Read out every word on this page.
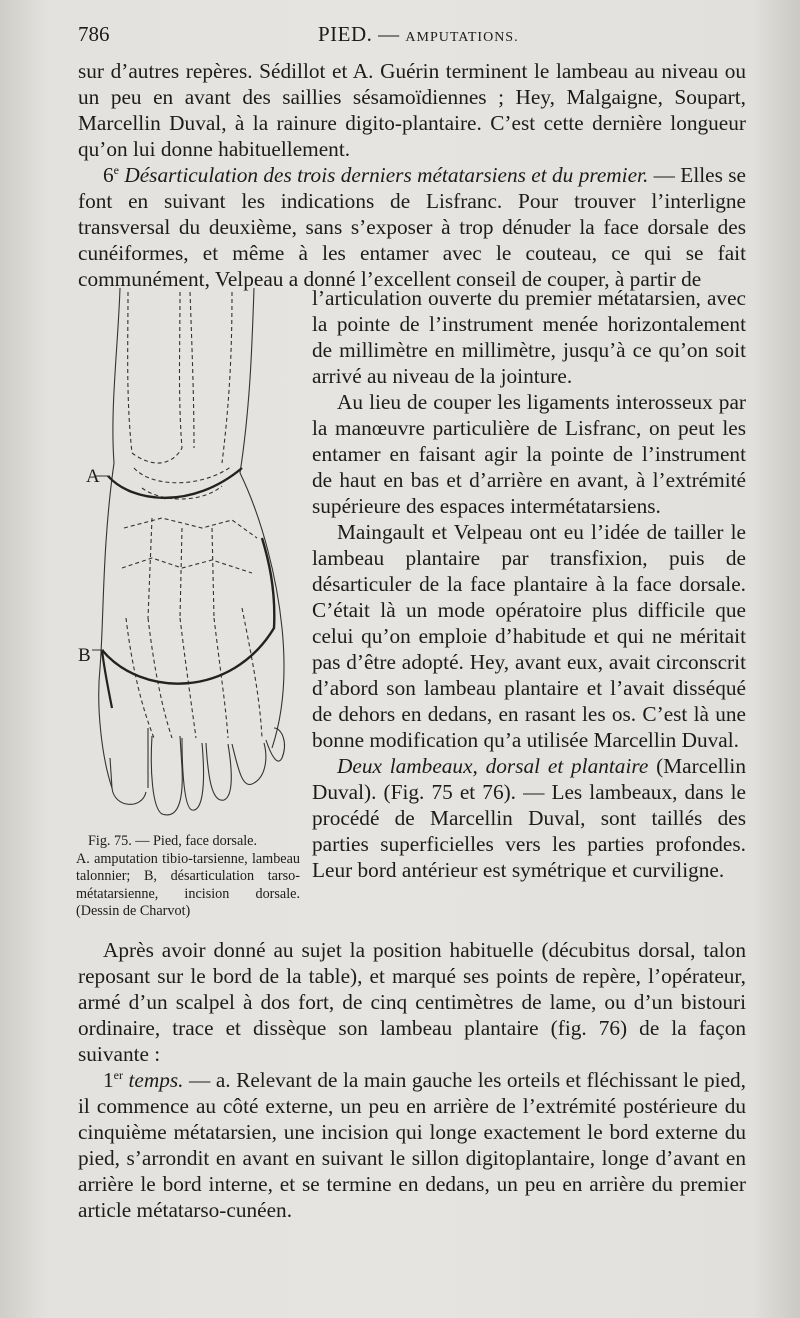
786	PIED. — AMPUTATIONS.

sur d’autres repères. Sédillot et A. Guérin terminent le lambeau au niveau ou un peu en avant des saillies sésamoïdiennes ; Hey, Malgaigne, Soupart, Marcellin Duval, à la rainure digito-plantaire. C’est cette dernière longueur qu’on lui donne habituellement.

6e Désarticulation des trois derniers métatarsiens et du premier. — Elles se font en suivant les indications de Lisfranc. Pour trouver l’interligne transversal du deuxième, sans s’exposer à trop dénuder la face dorsale des cunéiformes, et même à les entamer avec le couteau, ce qui se fait communément, Velpeau a donné l’excellent conseil de couper, à partir de

l’articulation ouverte du premier métatarsien, avec la pointe de l’instrument menée horizontalement de millimètre en millimètre, jusqu’à ce qu’on soit arrivé au niveau de la jointure.

Au lieu de couper les ligaments interosseux par la manœuvre particulière de Lisfranc, on peut les entamer en faisant agir la pointe de l’instrument de haut en bas et d’arrière en avant, à l’extrémité supérieure des espaces intermétatarsiens.

Maingault et Velpeau ont eu l’idée de tailler le lambeau plantaire par transfixion, puis de désarticuler de la face plantaire à la face dorsale. C’était là un mode opératoire plus difficile que celui qu’on emploie d’habitude et qui ne méritait pas d’être adopté. Hey, avant eux, avait circonscrit d’abord son lambeau plantaire et l’avait disséqué de dehors en dedans, en rasant les os. C’est là une bonne modification qu’a utilisée Marcellin Duval.

Deux lambeaux, dorsal et plantaire (Marcellin Duval). (Fig. 75 et 76). — Les lambeaux, dans le procédé de Marcellin Duval, sont taillés des parties superficielles vers les parties profondes. Leur bord antérieur est symétrique et curviligne.

A
B

Fig. 75. — Pied, face dorsale.

A. amputation tibio-tarsienne, lambeau talonnier; B, désarticulation tarso-métatarsienne, incision dorsale. (Dessin de Charvot)

Après avoir donné au sujet la position habituelle (décubitus dorsal, talon reposant sur le bord de la table), et marqué ses points de repère, l’opérateur, armé d’un scalpel à dos fort, de cinq centimètres de lame, ou d’un bistouri ordinaire, trace et dissèque son lambeau plantaire (fig. 76) de la façon suivante :

1er temps. — a. Relevant de la main gauche les orteils et fléchissant le pied, il commence au côté externe, un peu en arrière de l’extrémité postérieure du cinquième métatarsien, une incision qui longe exactement le bord externe du pied, s’arrondit en avant en suivant le sillon digitoplantaire, longe d’avant en arrière le bord interne, et se termine en dedans, un peu en arrière du premier article métatarso-cunéen.
